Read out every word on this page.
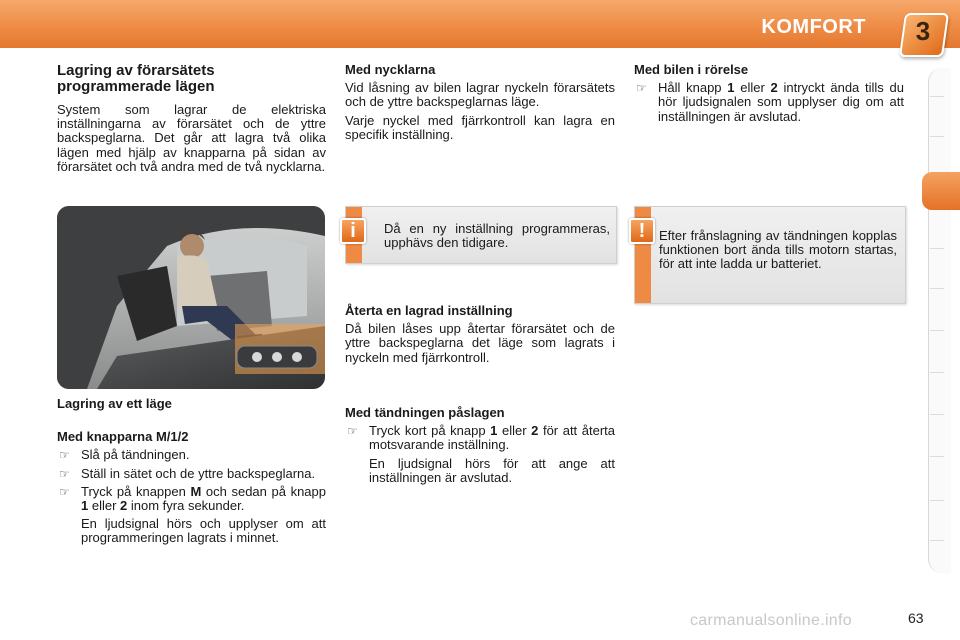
KOMFORT	3
Lagring av förarsätets programmerade lägen

System som lagrar de elektriska inställningarna av förarsätet och de yttre backspeglarna. Det går att lagra två olika lägen med hjälp av knapparna på sidan av förarsätet och två andra med de två nycklarna.

Lagring av ett läge
Med knapparna M/1/2
☞ Slå på tändningen.
☞ Ställ in sätet och de yttre backspeglarna.
☞ Tryck på knappen M och sedan på knapp 1 eller 2 inom fyra sekunder.
En ljudsignal hörs och upplyser om att programmeringen lagrats i minnet.
Med nycklarna

Vid låsning av bilen lagrar nyckeln förarsätets och de yttre backspeglarnas läge.

Varje nyckel med fjärrkontroll kan lagra en specifik inställning.

Då en ny inställning programmeras, upphävs den tidigare.
i
Återta en lagrad inställning

Då bilen låses upp återtar förarsätet och de yttre backspeglarna det läge som lagrats i nyckeln med fjärrkontroll.

Med tändningen påslagen
☞ Tryck kort på knapp 1 eller 2 för att återta motsvarande inställning.
En ljudsignal hörs för att ange att inställningen är avslutad.
Med bilen i rörelse
☞ Håll knapp 1 eller 2 intryckt ända tills du hör ljudsignalen som upplyser dig om att inställningen är avslutad.
Efter frånslagning av tändningen kopplas funktionen bort ända tills motorn startas, för att inte ladda ur batteriet.
!
carmanualsonline.info	63
